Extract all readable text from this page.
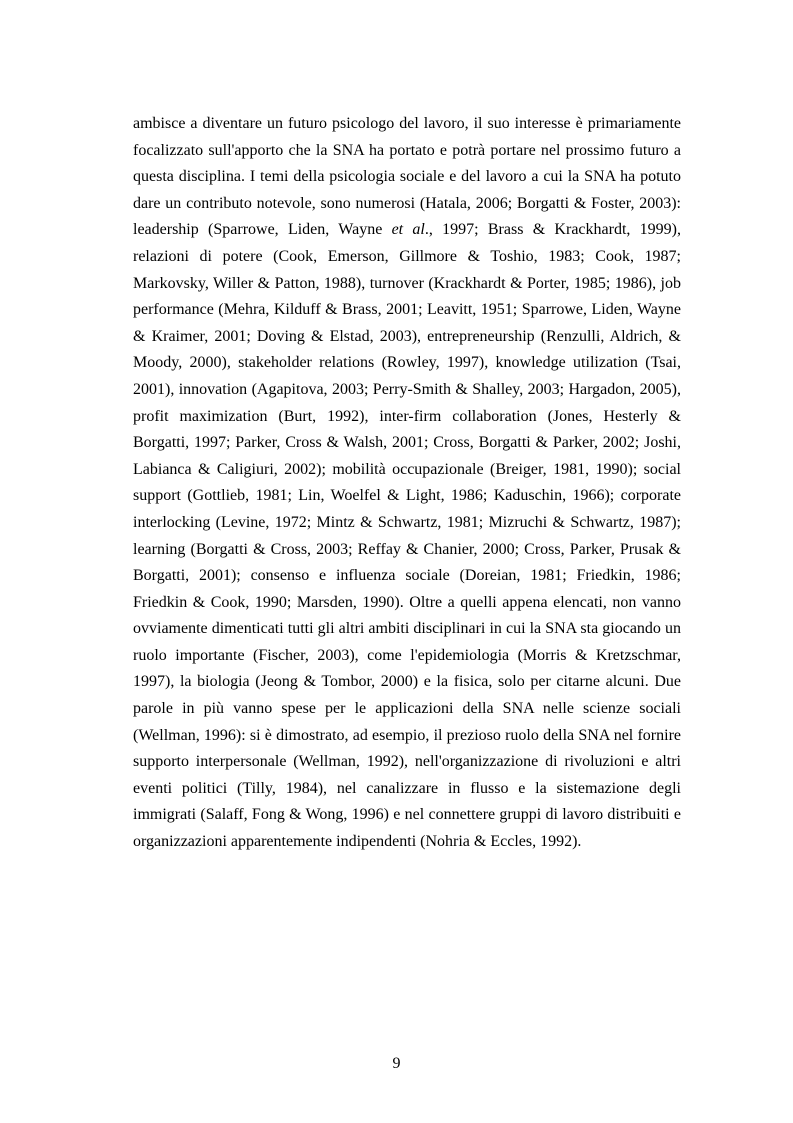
ambisce a diventare un futuro psicologo del lavoro, il suo interesse è primariamente
focalizzato sull'apporto che la SNA ha portato e potrà portare nel prossimo futuro a
questa disciplina. I temi della psicologia sociale e del lavoro a cui la SNA ha potuto
dare un contributo notevole, sono numerosi (Hatala, 2006; Borgatti & Foster, 2003):
leadership (Sparrowe, Liden, Wayne et al., 1997; Brass & Krackhardt, 1999),
relazioni di potere (Cook, Emerson, Gillmore & Toshio, 1983; Cook, 1987;
Markovsky, Willer & Patton, 1988), turnover (Krackhardt & Porter, 1985; 1986), job
performance (Mehra, Kilduff & Brass, 2001; Leavitt, 1951; Sparrowe, Liden, Wayne
& Kraimer, 2001; Doving & Elstad, 2003), entrepreneurship (Renzulli, Aldrich, &
Moody, 2000), stakeholder relations (Rowley, 1997), knowledge utilization (Tsai,
2001), innovation (Agapitova, 2003; Perry-Smith & Shalley, 2003; Hargadon, 2005),
profit maximization (Burt, 1992), inter-firm collaboration (Jones, Hesterly &
Borgatti, 1997; Parker, Cross & Walsh, 2001; Cross, Borgatti & Parker, 2002; Joshi,
Labianca & Caligiuri, 2002); mobilità occupazionale (Breiger, 1981, 1990); social
support (Gottlieb, 1981; Lin, Woelfel & Light, 1986; Kaduschin, 1966); corporate
interlocking (Levine, 1972; Mintz & Schwartz, 1981; Mizruchi & Schwartz, 1987);
learning (Borgatti & Cross, 2003; Reffay & Chanier, 2000; Cross, Parker, Prusak &
Borgatti, 2001); consenso e influenza sociale (Doreian, 1981; Friedkin, 1986;
Friedkin & Cook, 1990; Marsden, 1990). Oltre a quelli appena elencati, non vanno
ovviamente dimenticati tutti gli altri ambiti disciplinari in cui la SNA sta giocando un
ruolo importante (Fischer, 2003), come l'epidemiologia (Morris & Kretzschmar,
1997), la biologia (Jeong & Tombor, 2000) e la fisica, solo per citarne alcuni. Due
parole in più vanno spese per le applicazioni della SNA nelle scienze sociali
(Wellman, 1996): si è dimostrato, ad esempio, il prezioso ruolo della SNA nel fornire
supporto interpersonale (Wellman, 1992), nell'organizzazione di rivoluzioni e altri
eventi politici (Tilly, 1984), nel canalizzare in flusso e la sistemazione degli
immigrati (Salaff, Fong & Wong, 1996) e nel connettere gruppi di lavoro distribuiti e
organizzazioni apparentemente indipendenti (Nohria & Eccles, 1992).
9
